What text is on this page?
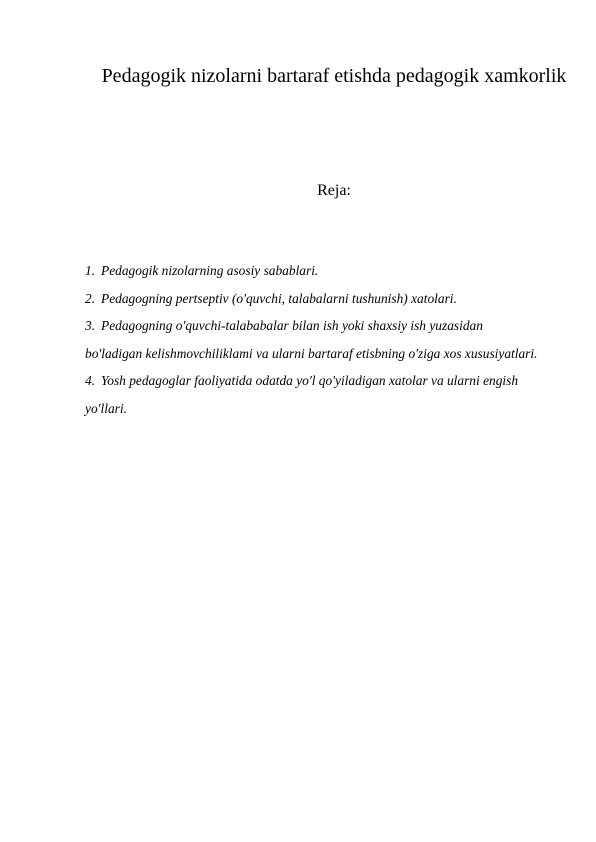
Pedagogik nizolarni bartaraf etishda pedagogik xamkorlik
Reja:
1. Pedagogik nizolarning asosiy sabablari.
2. Pedagogning pertseptiv (o'quvchi, talabalarni tushunish) xatolari.
3. Pedagogning o'quvchi-talababalar bilan ish yoki shaxsiy ish yuzasidan bo'ladigan kelishmovchiliklami va ularni bartaraf etisbning o'ziga xos xususiyatlari.
4. Yosh pedagoglar faoliyatida odatda yo'l qo'yiladigan xatolar va ularni engish yo'llari.
